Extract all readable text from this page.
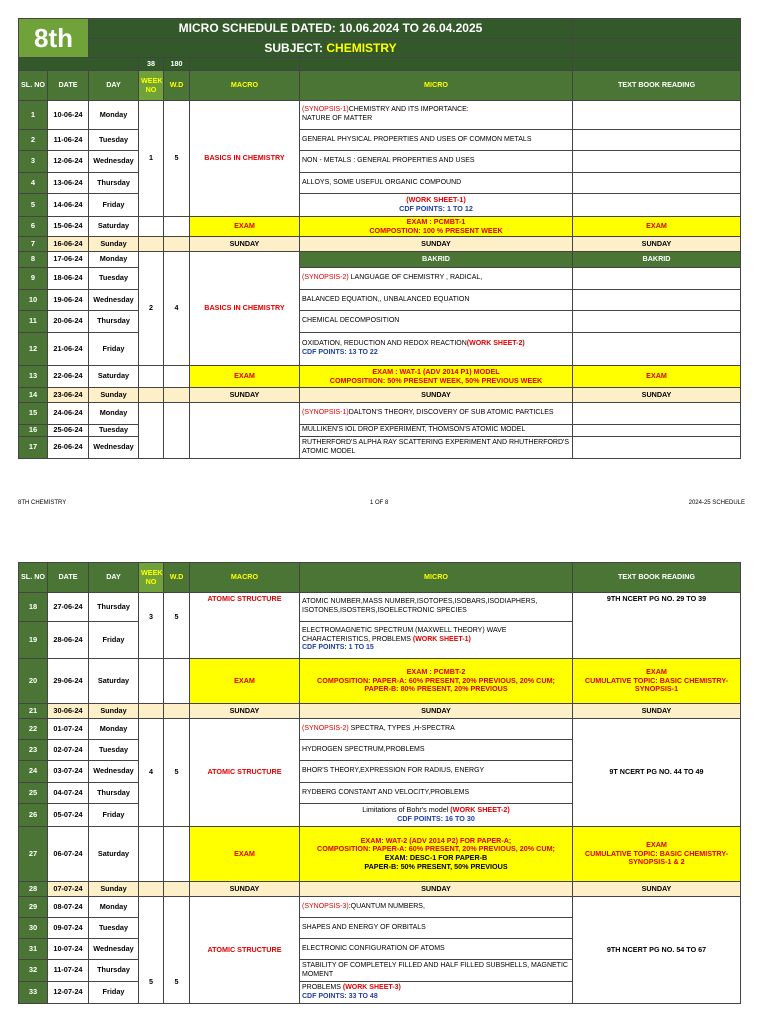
8th		MICRO SCHEDULE DATED: 10.06.2024 TO 26.04.2025					
		SUBJECT: CHEMISTRY					
			38	180			
SL. NO	DATE	DAY	WEEK NO	W.D	MACRO	MICRO	TEXT BOOK READING
1	10-06-24	Monday	1	5	BASICS IN CHEMISTRY	(SYNOPSIS-1)CHEMISTRY AND ITS IMPORTANCE:
NATURE OF MATTER	
2	11-06-24	Tuesday				GENERAL PHYSICAL PROPERTIES AND USES OF COMMON METALS	
3	12-06-24	Wednesday				NON - METALS : GENERAL PROPERTIES AND USES	
4	13-06-24	Thursday				ALLOYS, SOME USEFUL ORGANIC COMPOUND	
5	14-06-24	Friday				(WORK SHEET-1)
CDF POINTS: 1 TO 12	
6	15-06-24	Saturday			EXAM	EXAM : PCMBT-1
COMPOSTION: 100 % PRESENT WEEK	EXAM
7	16-06-24	Sunday			SUNDAY	SUNDAY	SUNDAY
8	17-06-24	Monday	2	4	BASICS IN CHEMISTRY	BAKRID	BAKRID
9	18-06-24	Tuesday				(SYNOPSIS-2) LANGUAGE OF CHEMISTRY , RADICAL,	
10	19-06-24	Wednesday				BALANCED EQUATION,, UNBALANCED EQUATION	
11	20-06-24	Thursday				CHEMICAL DECOMPOSITION	
12	21-06-24	Friday				OXIDATION, REDUCTION AND REDOX REACTION(WORK SHEET-2)
CDF POINTS: 13 TO 22	
13	22-06-24	Saturday			EXAM	EXAM : WAT-1 (ADV 2014 P1) MODEL
COMPOSITIION: 50% PRESENT WEEK, 50% PREVIOUS WEEK	EXAM
14	23-06-24	Sunday			SUNDAY	SUNDAY	SUNDAY
15	24-06-24	Monday				(SYNOPSIS-1)DALTON'S THEORY, DISCOVERY OF SUB ATOMIC PARTICLES	
16	25-06-24	Tuesday				MULLIKEN'S IOL DROP EXPERIMENT, THOMSON'S ATOMIC MODEL	
17	26-06-24	Wednesday				RUTHERFORD'S ALPHA RAY SCATTERING EXPERIMENT AND RHUTHERFORD'S ATOMIC MODEL	
8TH CHEMISTRY	1 OF 8	2024-25 SCHEDULE
SL. NO	DATE	DAY	WEEK NO	W.D	MACRO	MICRO	TEXT BOOK READING
18	27-06-24	Thursday	3	5	ATOMIC STRUCTURE	ATOMIC NUMBER,MASS NUMBER,ISOTOPES,ISOBARS,ISODIAPHERS, ISOTONES,ISOSTERS,ISOELECTRONIC SPECIES	9TH NCERT PG NO. 29 TO 39
19	28-06-24	Friday				ELECTROMAGNETIC SPECTRUM (MAXWELL THEORY) WAVE CHARACTERISTICS, PROBLEMS (WORK SHEET-1)
CDF POINTS: 1 TO 15	
20	29-06-24	Saturday			EXAM	EXAM : PCMBT-2
COMPOSITION: PAPER-A: 60% PRESENT, 20% PREVIOUS, 20% CUM;
PAPER-B: 80% PRESENT, 20% PREVIOUS	EXAM
CUMULATIVE TOPIC: BASIC CHEMISTRY-SYNOPSIS-1
21	30-06-24	Sunday			SUNDAY	SUNDAY	SUNDAY
22	01-07-24	Monday	4	5	ATOMIC STRUCTURE	(SYNOPSIS-2) SPECTRA, TYPES ,H-SPECTRA	9T NCERT PG NO. 44 TO 49
23	02-07-24	Tuesday				HYDROGEN SPECTRUM,PROBLEMS	
24	03-07-24	Wednesday				BHOR'S THEORY,EXPRESSION FOR RADIUS, ENERGY	
25	04-07-24	Thursday				RYDBERG CONSTANT AND VELOCITY,PROBLEMS	
26	05-07-24	Friday				Limitations of Bohr's model (WORK SHEET-2)
CDF POINTS: 16 TO 30	
27	06-07-24	Saturday			EXAM	EXAM: WAT-2 (ADV 2014 P2) FOR PAPER-A;
COMPOSITION: PAPER-A: 60% PRESENT, 20% PREVIOUS, 20% CUM;
EXAM: DESC-1 FOR PAPER-B
PAPER-B: 50% PRESENT, 50% PREVIOUS	EXAM
CUMULATIVE TOPIC: BASIC CHEMISTRY-SYNOPSIS-1 & 2
28	07-07-24	Sunday			SUNDAY	SUNDAY	SUNDAY
29	08-07-24	Monday	5	5	ATOMIC STRUCTURE	(SYNOPSIS-3):QUANTUM NUMBERS,	9TH NCERT PG NO. 54 TO 67
30	09-07-24	Tuesday				SHAPES AND ENERGY OF ORBITALS	
31	10-07-24	Wednesday				ELECTRONIC CONFIGURATION OF ATOMS	
32	11-07-24	Thursday				STABILITY OF COMPLETELY FILLED AND HALF FILLED SUBSHELLS, MAGNETIC MOMENT	
33	12-07-24	Friday				PROBLEMS (WORK SHEET-3)
CDF POINTS: 33 TO 48	
